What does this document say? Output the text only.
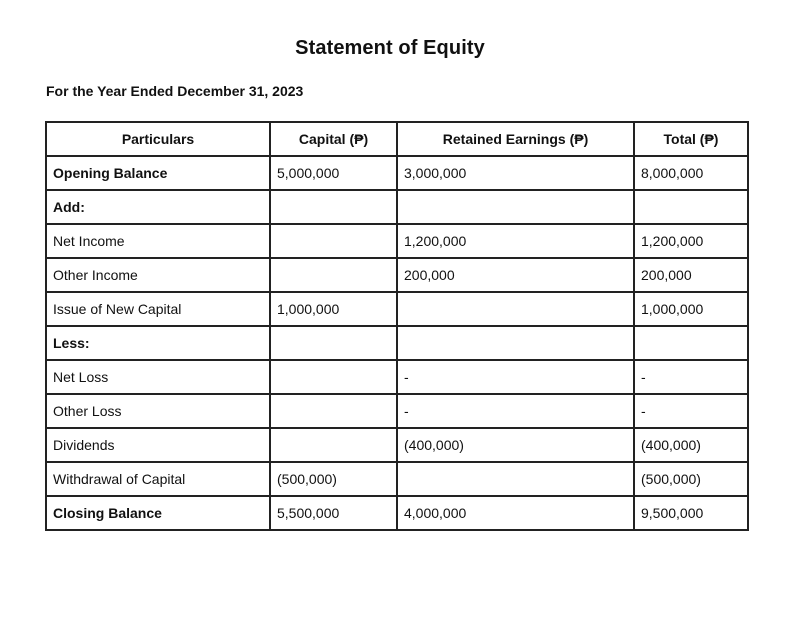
Statement of Equity
For the Year Ended December 31, 2023
Particulars	Capital (₱)	Retained Earnings (₱)	Total (₱)
Opening Balance	5,000,000	3,000,000	8,000,000
Add:			
Net Income		1,200,000	1,200,000
Other Income		200,000	200,000
Issue of New Capital	1,000,000		1,000,000
Less:			
Net Loss		-	-
Other Loss		-	-
Dividends		(400,000)	(400,000)
Withdrawal of Capital	(500,000)		(500,000)
Closing Balance	5,500,000	4,000,000	9,500,000
